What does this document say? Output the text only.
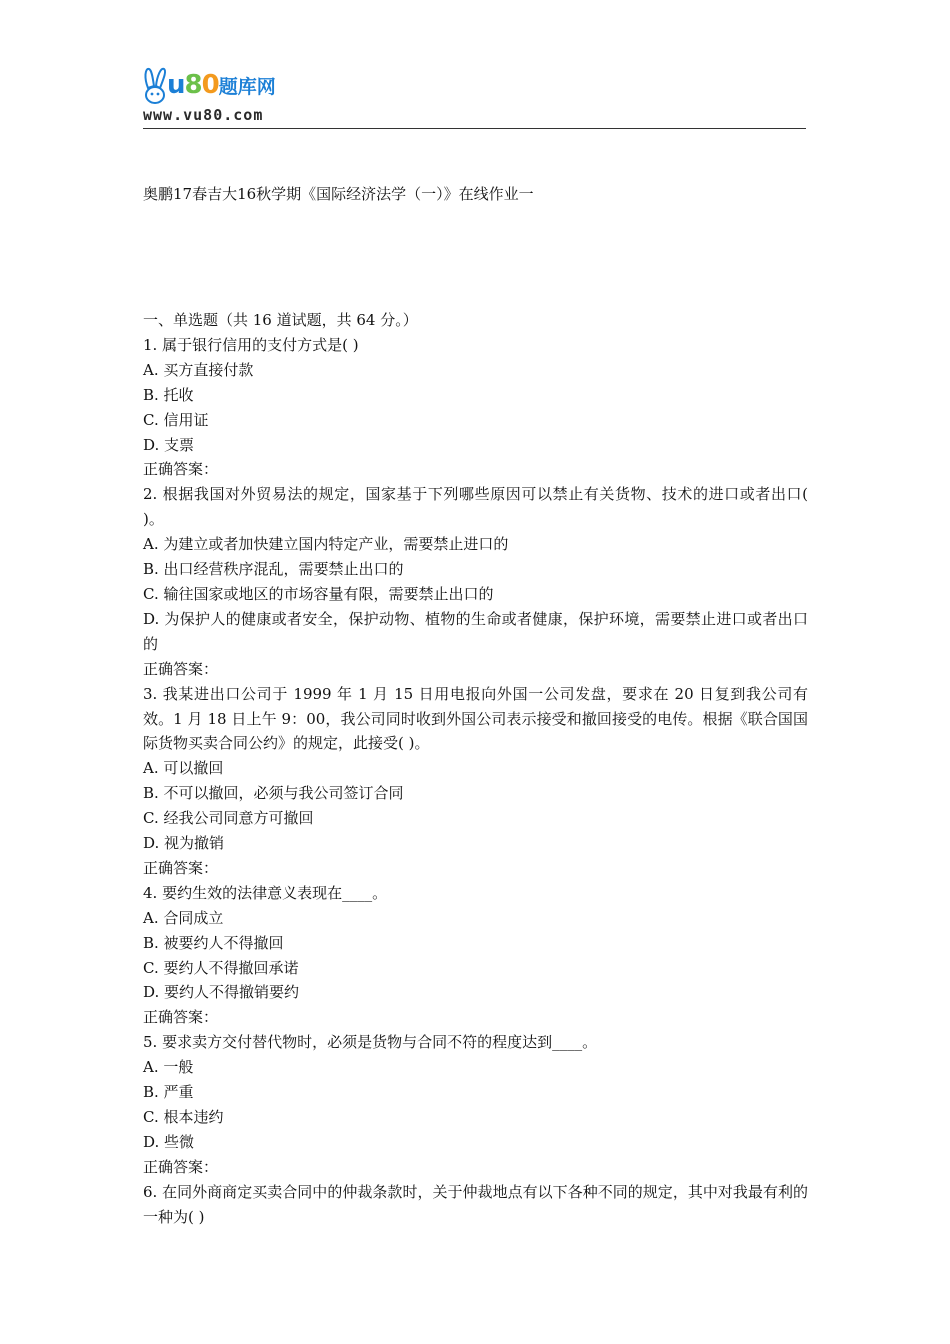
u80题库网
www.vu80.com
奥鹏17春吉大16秋学期《国际经济法学（一）》在线作业一

一、单选题（共 16 道试题，共 64 分。）

1. 属于银行信用的支付方式是( )

A. 买方直接付款

B. 托收

C. 信用证

D. 支票

正确答案：

2. 根据我国对外贸易法的规定，国家基于下列哪些原因可以禁止有关货物、技术的进口或者出口( )。

A. 为建立或者加快建立国内特定产业，需要禁止进口的

B. 出口经营秩序混乱，需要禁止出口的

C. 输往国家或地区的市场容量有限，需要禁止出口的

D. 为保护人的健康或者安全，保护动物、植物的生命或者健康，保护环境，需要禁止进口或者出口的

正确答案：

3. 我某进出口公司于 1999 年 1 月 15 日用电报向外国一公司发盘，要求在 20 日复到我公司有效。1 月 18 日上午 9：00，我公司同时收到外国公司表示接受和撤回接受的电传。根据《联合国国际货物买卖合同公约》的规定，此接受( )。

A. 可以撤回

B. 不可以撤回，必须与我公司签订合同

C. 经我公司同意方可撤回

D. 视为撤销

正确答案：

4. 要约生效的法律意义表现在____。

A. 合同成立

B. 被要约人不得撤回

C. 要约人不得撤回承诺

D. 要约人不得撤销要约

正确答案：

5. 要求卖方交付替代物时，必须是货物与合同不符的程度达到____。

A. 一般

B. 严重

C. 根本违约

D. 些微

正确答案：

6. 在同外商商定买卖合同中的仲裁条款时，关于仲裁地点有以下各种不同的规定，其中对我最有利的一种为( )
